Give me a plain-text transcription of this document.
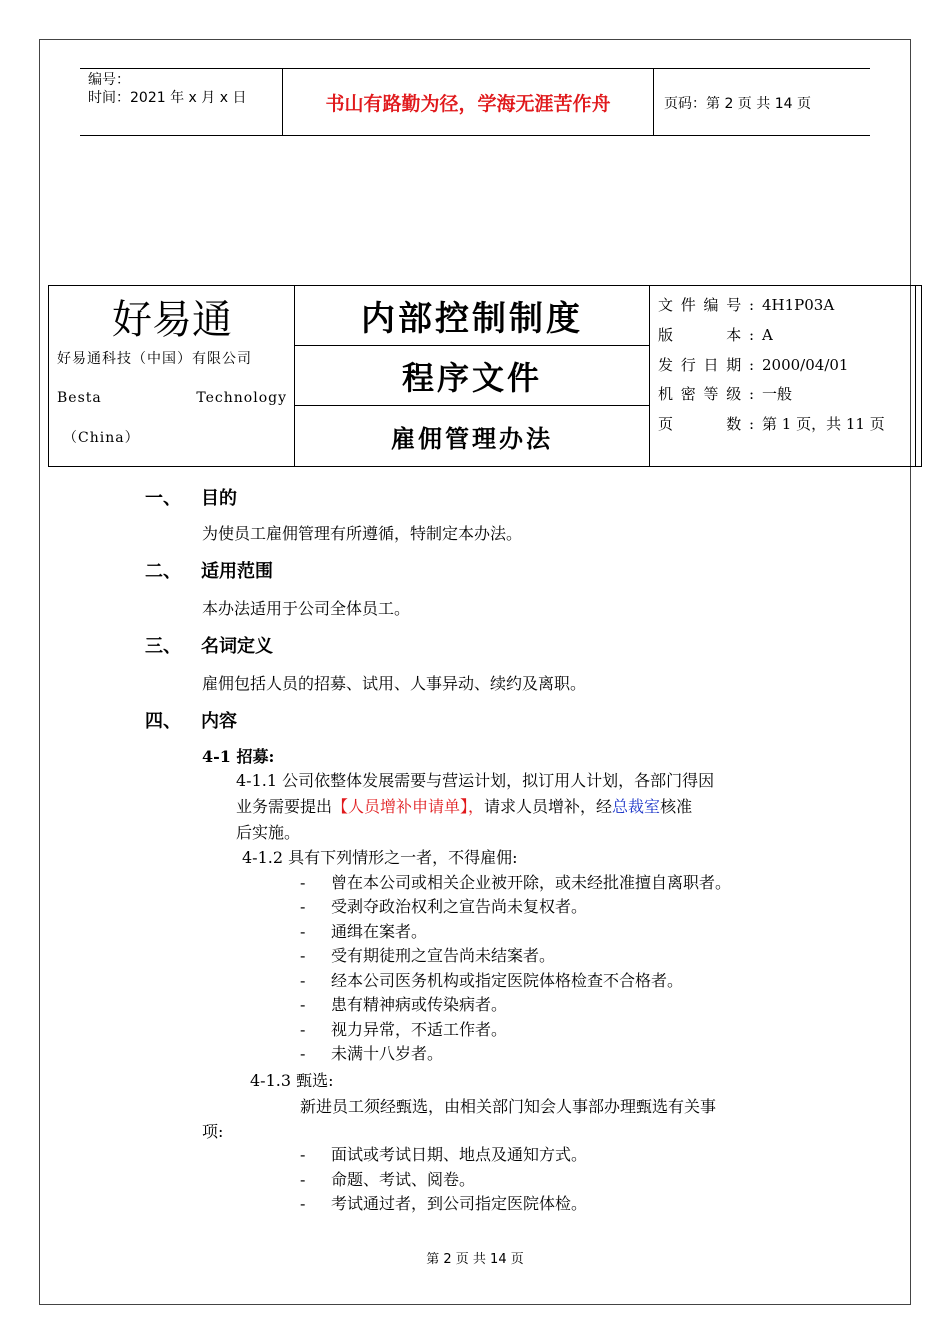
编号：
时间：2021 年 x 月 x 日	书山有路勤为径，学海无涯苦作舟	页码：第 2 页 共 14 页
好易通
好易通科技（中国）有限公司
Besta	Technology
（China）
内部控制制度
程序文件
雇佣管理办法
文件编号: 4H1P03A
版　　本: A
发行日期: 2000/04/01
机密等级: 一般
页　　数: 第 1 页，共 11 页
一、 目的
为使员工雇佣管理有所遵循，特制定本办法。
二、 适用范围
本办法适用于公司全体员工。
三、 名词定义
雇佣包括人员的招募、试用、人事异动、续约及离职。
四、 内容
4-1 招募:
4-1.1 公司依整体发展需要与营运计划，拟订用人计划，各部门得因
业务需要提出【人员增补申请单】，请求人员增补，经总裁室核准
后实施。
4-1.2 具有下列情形之一者，不得雇佣:
- 曾在本公司或相关企业被开除，或未经批准擅自离职者。
- 受剥夺政治权利之宣告尚未复权者。
- 通缉在案者。
- 受有期徒刑之宣告尚未结案者。
- 经本公司医务机构或指定医院体格检查不合格者。
- 患有精神病或传染病者。
- 视力异常，不适工作者。
- 未满十八岁者。
4-1.3 甄选:
新进员工须经甄选，由相关部门知会人事部办理甄选有关事
项:
- 面试或考试日期、地点及通知方式。
- 命题、考试、阅卷。
- 考试通过者，到公司指定医院体检。
第 2 页 共 14 页
